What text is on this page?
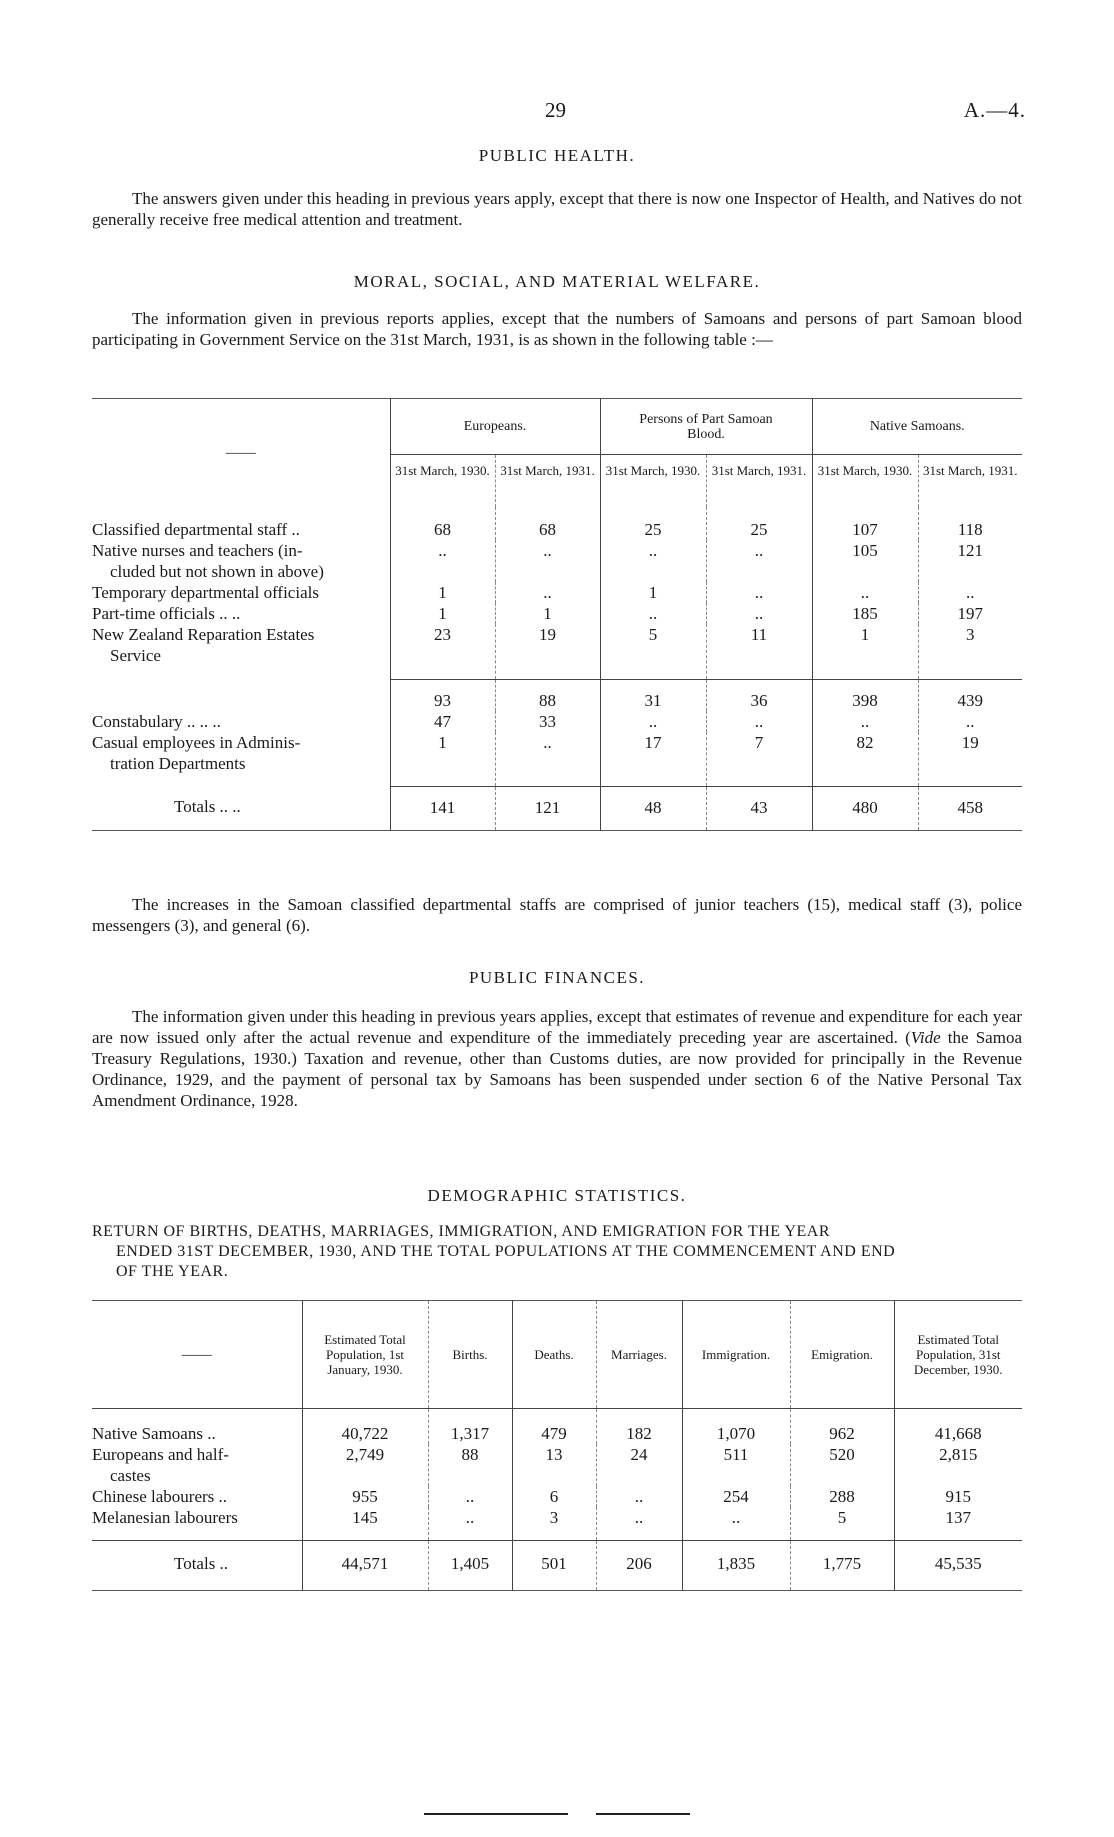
29	A.—4.
PUBLIC HEALTH.
The answers given under this heading in previous years apply, except that there is now one Inspector of Health, and Natives do not generally receive free medical attention and treatment.
MORAL, SOCIAL, AND MATERIAL WELFARE.
The information given in previous reports applies, except that the numbers of Samoans and persons of part Samoan blood participating in Government Service on the 31st March, 1931, is as shown in the following table :—
——	Europeans.		Persons of Part Samoan Blood.		Native Samoans.	
	31st March, 1930.	31st March, 1931.	31st March, 1930.	31st March, 1931.	31st March, 1930.	31st March, 1931.
Classified departmental staff ..	68	68	25	25	107	118

Native nurses and teachers (in-
cluded but not shown in above)	..	..	..	..	105	121
Temporary departmental officials	1	..	1	..	..	..
Part-time officials .. ..	1	1	..	..	185	197

New Zealand Reparation Estates
Service	23	19	5	11	1	3
	93	88	31	36	398	439
Constabulary .. .. ..	47	33	..	..	..	..

Casual employees in Adminis-
tration Departments	1	..	17	7	82	19
Totals .. ..	141	121	48	43	480	458
The increases in the Samoan classified departmental staffs are comprised of junior teachers (15), medical staff (3), police messengers (3), and general (6).
PUBLIC FINANCES.
The information given under this heading in previous years applies, except that estimates of revenue and expenditure for each year are now issued only after the actual revenue and expenditure of the immediately preceding year are ascertained. (Vide the Samoa Treasury Regulations, 1930.) Taxation and revenue, other than Customs duties, are now provided for principally in the Revenue Ordinance, 1929, and the payment of personal tax by Samoans has been suspended under section 6 of the Native Personal Tax Amendment Ordinance, 1928.
DEMOGRAPHIC STATISTICS.
RETURN OF BIRTHS, DEATHS, MARRIAGES, IMMIGRATION, AND EMIGRATION FOR THE YEAR
ENDED 31ST DECEMBER, 1930, AND THE TOTAL POPULATIONS AT THE COMMENCEMENT AND END
OF THE YEAR.
——	Estimated Total Population, 1st January, 1930.	Births.	Deaths.	Marriages.	Immigration.	Emigration.	Estimated Total Population, 31st December, 1930.
Native Samoans ..	40,722	1,317	479	182	1,070	962	41,668

Europeans and half-
castes	2,749	88	13	24	511	520	2,815
Chinese labourers ..	955	..	6	..	254	288	915
Melanesian labourers	145	..	3	..	..	5	137
Totals ..	44,571	1,405	501	206	1,835	1,775	45,535
